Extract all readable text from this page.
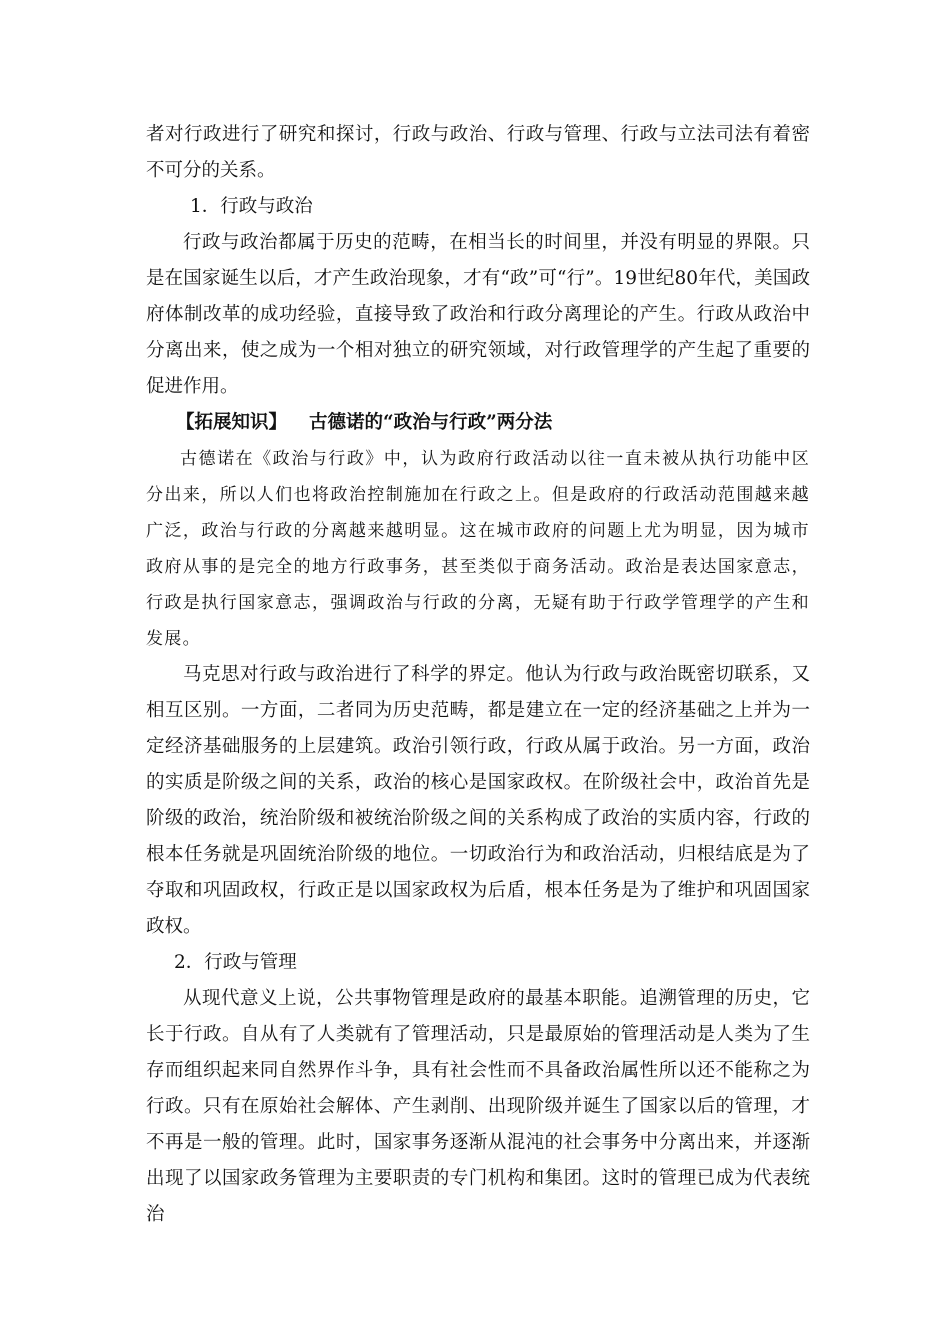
者对行政进行了研究和探讨，行政与政治、行政与管理、行政与立法司法有着密不可分的关系。

1．行政与政治

行政与政治都属于历史的范畴，在相当长的时间里，并没有明显的界限。只是在国家诞生以后，才产生政治现象，才有“政”可“行”。19世纪80年代，美国政府体制改革的成功经验，直接导致了政治和行政分离理论的产生。行政从政治中分离出来，使之成为一个相对独立的研究领域，对行政管理学的产生起了重要的促进作用。

【拓展知识】 古德诺的“政治与行政”两分法

古德诺在《政治与行政》中，认为政府行政活动以往一直未被从执行功能中区分出来，所以人们也将政治控制施加在行政之上。但是政府的行政活动范围越来越广泛，政治与行政的分离越来越明显。这在城市政府的问题上尤为明显，因为城市政府从事的是完全的地方行政事务，甚至类似于商务活动。政治是表达国家意志，行政是执行国家意志，强调政治与行政的分离，无疑有助于行政学管理学的产生和发展。

马克思对行政与政治进行了科学的界定。他认为行政与政治既密切联系，又相互区别。一方面，二者同为历史范畴，都是建立在一定的经济基础之上并为一定经济基础服务的上层建筑。政治引领行政，行政从属于政治。另一方面，政治的实质是阶级之间的关系，政治的核心是国家政权。在阶级社会中，政治首先是阶级的政治，统治阶级和被统治阶级之间的关系构成了政治的实质内容，行政的根本任务就是巩固统治阶级的地位。一切政治行为和政治活动，归根结底是为了夺取和巩固政权，行政正是以国家政权为后盾，根本任务是为了维护和巩固国家政权。

2．行政与管理

从现代意义上说，公共事物管理是政府的最基本职能。追溯管理的历史，它长于行政。自从有了人类就有了管理活动，只是最原始的管理活动是人类为了生存而组织起来同自然界作斗争，具有社会性而不具备政治属性所以还不能称之为行政。只有在原始社会解体、产生剥削、出现阶级并诞生了国家以后的管理，才不再是一般的管理。此时，国家事务逐渐从混沌的社会事务中分离出来，并逐渐出现了以国家政务管理为主要职责的专门机构和集团。这时的管理已成为代表统治
